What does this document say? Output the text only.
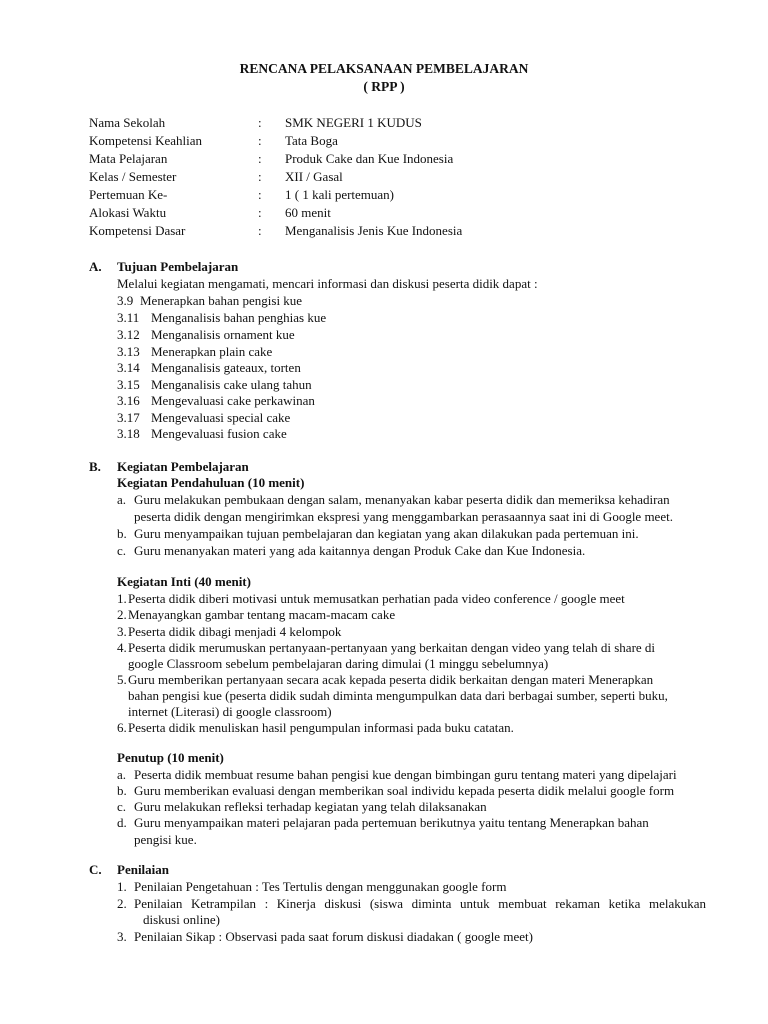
RENCANA PELAKSANAAN PEMBELAJARAN
( RPP )
Nama Sekolah	: SMK NEGERI 1 KUDUS
Kompetensi Keahlian	: Tata Boga
Mata Pelajaran	: Produk Cake dan Kue Indonesia
Kelas / Semester	: XII / Gasal
Pertemuan Ke-	: 1 ( 1 kali pertemuan)
Alokasi Waktu	: 60 menit
Kompetensi Dasar	: Menganalisis Jenis Kue Indonesia
A. Tujuan Pembelajaran
Melalui kegiatan mengamati, mencari informasi dan diskusi peserta didik dapat :
3.9 Menerapkan bahan pengisi kue
3.11 Menganalisis bahan penghias kue
3.12 Menganalisis ornament kue
3.13 Menerapkan plain cake
3.14 Menganalisis gateaux, torten
3.15 Menganalisis cake ulang tahun
3.16 Mengevaluasi cake perkawinan
3.17 Mengevaluasi special cake
3.18 Mengevaluasi fusion cake
B. Kegiatan Pembelajaran
Kegiatan Pendahuluan (10 menit)
a. Guru melakukan pembukaan dengan salam, menanyakan kabar peserta didik dan memeriksa kehadiran
peserta didik dengan mengirimkan ekspresi yang menggambarkan perasaannya saat ini di Google meet.
b. Guru menyampaikan tujuan pembelajaran dan kegiatan yang akan dilakukan pada pertemuan ini.
c. Guru menanyakan materi yang ada kaitannya dengan Produk Cake dan Kue Indonesia.
Kegiatan Inti (40 menit)
1. Peserta didik diberi motivasi untuk memusatkan perhatian pada video conference / google meet
2. Menayangkan gambar tentang macam-macam cake
3. Peserta didik dibagi menjadi 4 kelompok
4. Peserta didik merumuskan pertanyaan-pertanyaan yang berkaitan dengan video yang telah di share di
google Classroom sebelum pembelajaran daring dimulai (1 minggu sebelumnya)
5. Guru memberikan pertanyaan secara acak kepada peserta didik berkaitan dengan materi Menerapkan
bahan pengisi kue (peserta didik sudah diminta mengumpulkan data dari berbagai sumber, seperti buku,
internet (Literasi) di google classroom)
6. Peserta didik menuliskan hasil pengumpulan informasi pada buku catatan.
Penutup (10 menit)
a. Peserta didik membuat resume bahan pengisi kue dengan bimbingan guru tentang materi yang dipelajari
b. Guru memberikan evaluasi dengan memberikan soal individu kepada peserta didik melalui google form
c. Guru melakukan refleksi terhadap kegiatan yang telah dilaksanakan
d. Guru menyampaikan materi pelajaran pada pertemuan berikutnya yaitu tentang Menerapkan bahan
pengisi kue.
C. Penilaian
1. Penilaian Pengetahuan : Tes Tertulis dengan menggunakan google form
2. Penilaian Ketrampilan : Kinerja diskusi (siswa diminta untuk membuat rekaman ketika melakukan
diskusi online)
3. Penilaian Sikap : Observasi pada saat forum diskusi diadakan ( google meet)
